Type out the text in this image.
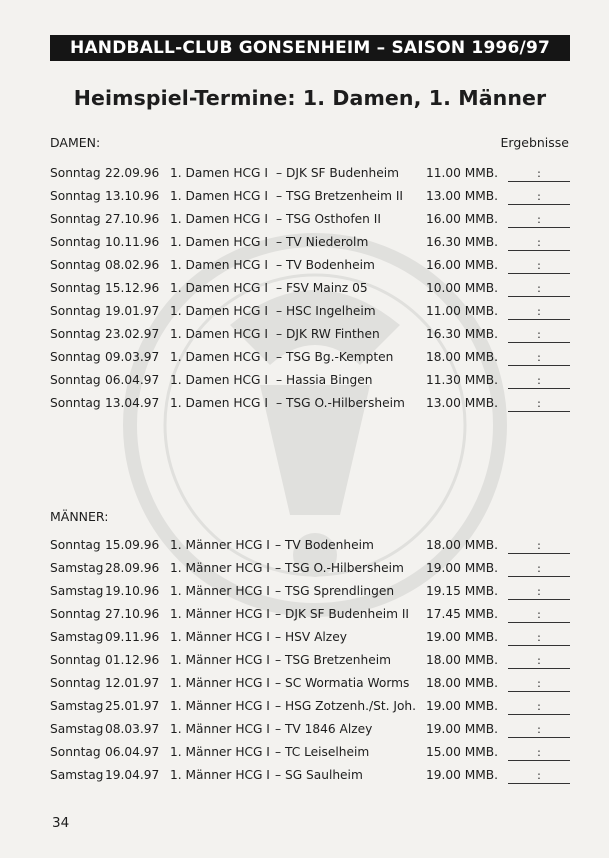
HANDBALL-CLUB GONSENHEIM – SAISON 1996/97
Heimspiel-Termine: 1. Damen, 1. Männer
DAMEN:	Ergebnisse
Sonntag 22.09.96 1. Damen HCG I – DJK SF Budenheim 11.00 MMB.	:
Sonntag 13.10.96 1. Damen HCG I – TSG Bretzenheim II 13.00 MMB.	:
Sonntag 27.10.96 1. Damen HCG I – TSG Osthofen II	16.00 MMB.	:
Sonntag 10.11.96 1. Damen HCG I – TV Niederolm	16.30 MMB.	:
Sonntag 08.02.96 1. Damen HCG I – TV Bodenheim	16.00 MMB.	:
Sonntag 15.12.96 1. Damen HCG I – FSV Mainz 05	10.00 MMB.	:
Sonntag 19.01.97 1. Damen HCG I – HSC Ingelheim	11.00 MMB.	:
Sonntag 23.02.97 1. Damen HCG I – DJK RW Finthen	16.30 MMB.	:
Sonntag 09.03.97 1. Damen HCG I – TSG Bg.-Kempten	18.00 MMB.	:
Sonntag 06.04.97 1. Damen HCG I – Hassia Bingen	11.30 MMB.	:
Sonntag 13.04.97 1. Damen HCG I – TSG O.-Hilbersheim 13.00 MMB.	:
MÄNNER:
Sonntag 15.09.96 1. Männer HCG I – TV Bodenheim	18.00 MMB.	:
Samstag 28.09.96 1. Männer HCG I – TSG O.-Hilbersheim 19.00 MMB.	:
Samstag 19.10.96 1. Männer HCG I – TSG Sprendlingen	19.15 MMB.	:
Sonntag 27.10.96 1. Männer HCG I – DJK SF Budenheim II 17.45 MMB.	:
Samstag 09.11.96 1. Männer HCG I – HSV Alzey	19.00 MMB.	:
Sonntag 01.12.96 1. Männer HCG I – TSG Bretzenheim	18.00 MMB.	:
Sonntag 12.01.97 1. Männer HCG I – SC Wormatia Worms 18.00 MMB.	:
Samstag 25.01.97 1. Männer HCG I – HSG Zotzenh./St. Joh. 19.00 MMB.	:
Samstag 08.03.97 1. Männer HCG I – TV 1846 Alzey	19.00 MMB.	:
Sonntag 06.04.97 1. Männer HCG I – TC Leiselheim	15.00 MMB.	:
Samstag 19.04.97 1. Männer HCG I – SG Saulheim	19.00 MMB.	:
34
